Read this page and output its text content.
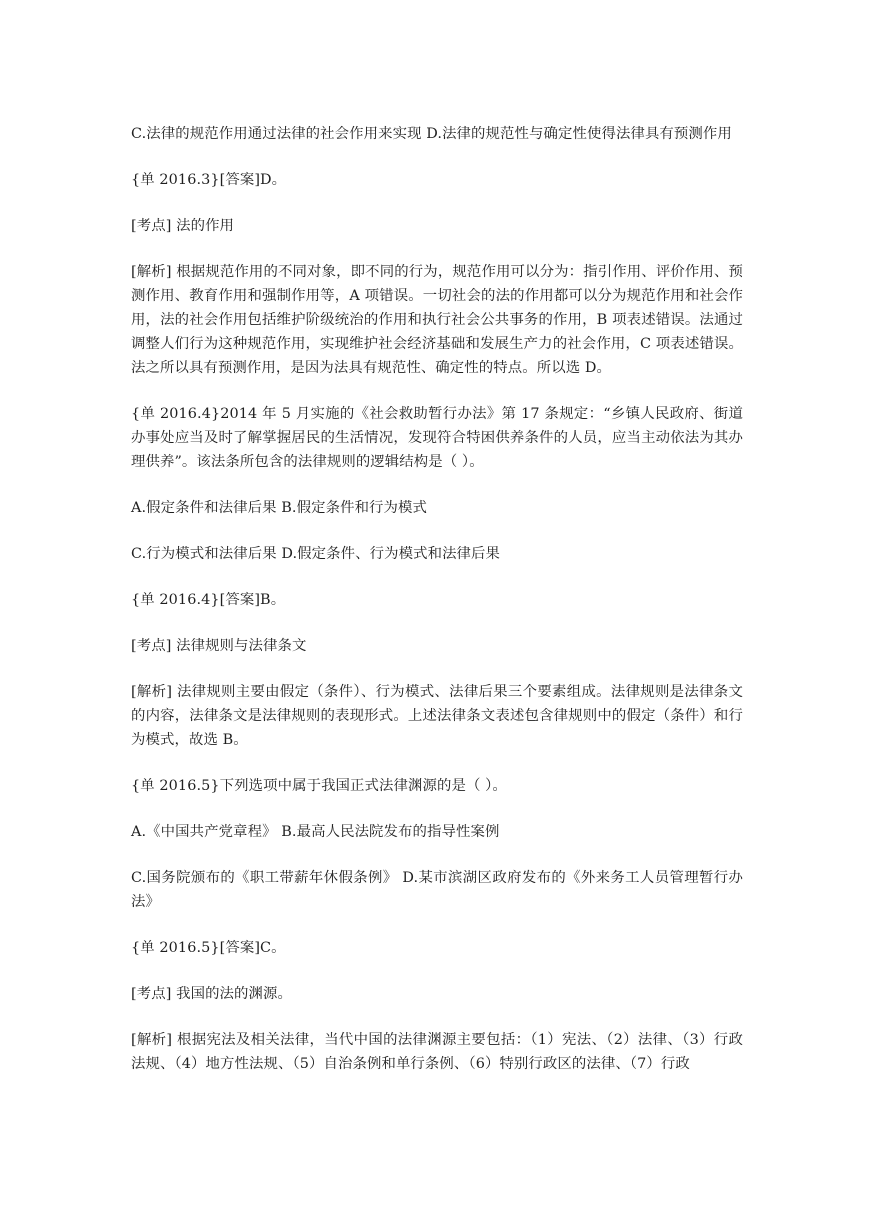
C.法律的规范作用通过法律的社会作用来实现 D.法律的规范性与确定性使得法律具有预测作用

{单 2016.3}[答案]D。

[考点] 法的作用

[解析] 根据规范作用的不同对象，即不同的行为，规范作用可以分为：指引作用、评价作用、预测作用、教育作用和强制作用等，A 项错误。一切社会的法的作用都可以分为规范作用和社会作用，法的社会作用包括维护阶级统治的作用和执行社会公共事务的作用，B 项表述错误。法通过调整人们行为这种规范作用，实现维护社会经济基础和发展生产力的社会作用，C 项表述错误。法之所以具有预测作用，是因为法具有规范性、确定性的特点。所以选 D。

{单 2016.4}2014 年 5 月实施的《社会救助暂行办法》第 17 条规定：“乡镇人民政府、街道办事处应当及时了解掌握居民的生活情况，发现符合特困供养条件的人员，应当主动依法为其办理供养”。该法条所包含的法律规则的逻辑结构是（ ）。

A.假定条件和法律后果 B.假定条件和行为模式

C.行为模式和法律后果 D.假定条件、行为模式和法律后果

{单 2016.4}[答案]B。

[考点] 法律规则与法律条文

[解析] 法律规则主要由假定（条件）、行为模式、法律后果三个要素组成。法律规则是法律条文的内容，法律条文是法律规则的表现形式。上述法律条文表述包含律规则中的假定（条件）和行为模式，故选 B。

{单 2016.5}下列选项中属于我国正式法律渊源的是（ ）。

A.《中国共产党章程》 B.最高人民法院发布的指导性案例

C.国务院颁布的《职工带薪年休假条例》 D.某市滨湖区政府发布的《外来务工人员管理暂行办法》

{单 2016.5}[答案]C。

[考点] 我国的法的渊源。

[解析] 根据宪法及相关法律，当代中国的法律渊源主要包括：（1）宪法、（2）法律、（3）行政法规、（4）地方性法规、（5）自治条例和单行条例、（6）特别行政区的法律、（7）行政
